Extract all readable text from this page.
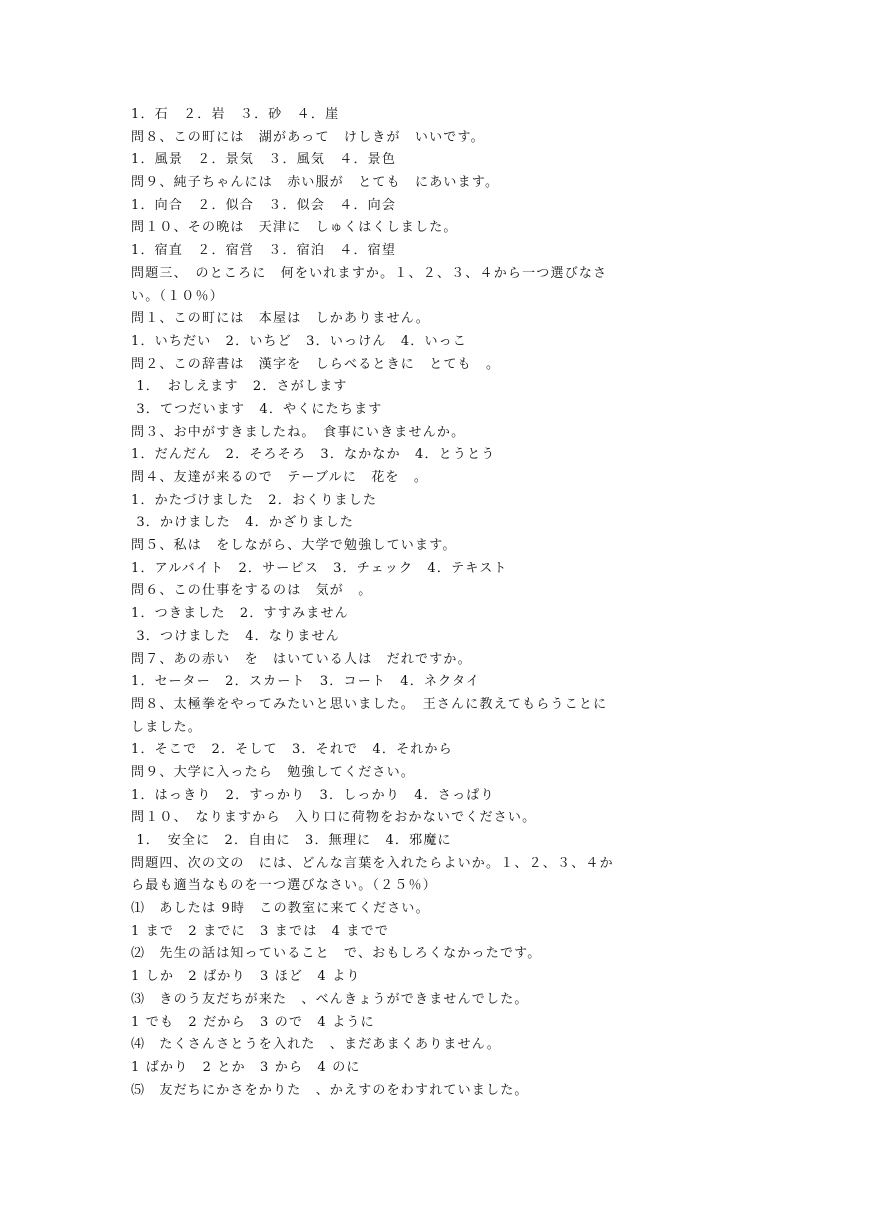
1．石　２．岩　３．砂　４．崖
問８、この町には　湖があって　けしきが　いいです。
1．風景　２．景気　３．風気　４．景色
問９、純子ちゃんには　赤い服が　とても　にあいます。
1．向合　２．似合　３．似会　４．向会
問１０、その晩は　天津に　しゅくはくしました。
1．宿直　２．宿営　３．宿泊　４．宿望
問題三、　のところに　何をいれますか。１、２、３、４から一つ選びなさ
い。（１０％）
問１、この町には　本屋は　しかありません。
1．いちだい　2．いちど　3．いっけん　4．いっこ
問２、この辞書は　漢字を　しらべるときに　とても　。
1．　おしえます　2．さがします
3．てつだいます　4．やくにたちます
問３、お中がすきましたね。　食事にいきませんか。
1．だんだん　2．そろそろ　3．なかなか　4．とうとう
問４、友達が来るので　テーブルに　花を　。
1．かたづけました　2．おくりました
3．かけました　4．かざりました
問５、私は　をしながら、大学で勉強しています。
1．アルバイト　2．サービス　3．チェック　4．テキスト
問６、この仕事をするのは　気が　。
1．つきました　2．すすみません
3．つけました　4．なりません
問７、あの赤い　を　はいている人は　だれですか。
1．セーター　2．スカート　3．コート　4．ネクタイ
問８、太極拳をやってみたいと思いました。　王さんに教えてもらうことに
しました。
1．そこで　2．そして　3．それで　4．それから
問９、大学に入ったら　勉強してください。
1．はっきり　2．すっかり　3．しっかり　4．さっぱり
問１０、　なりますから　入り口に荷物をおかないでください。
1．　安全に　2．自由に　3．無理に　4．邪魔に
問題四、次の文の　には、どんな言葉を入れたらよいか。１、２、３、４か
ら最も適当なものを一つ選びなさい。（２５％）
⑴　あしたは 9時　この教室に来てください。
1 まで　2 までに　3 までは　4 までで
⑵　先生の話は知っていること　で、おもしろくなかったです。
1 しか　2 ばかり　3 ほど　4 より
⑶　きのう友だちが来た　、べんきょうができませんでした。
1 でも　2 だから　3 ので　4 ように
⑷　たくさんさとうを入れた　、まだあまくありません。
1 ばかり　2 とか　3 から　4 のに
⑸　友だちにかさをかりた　、かえすのをわすれていました。
